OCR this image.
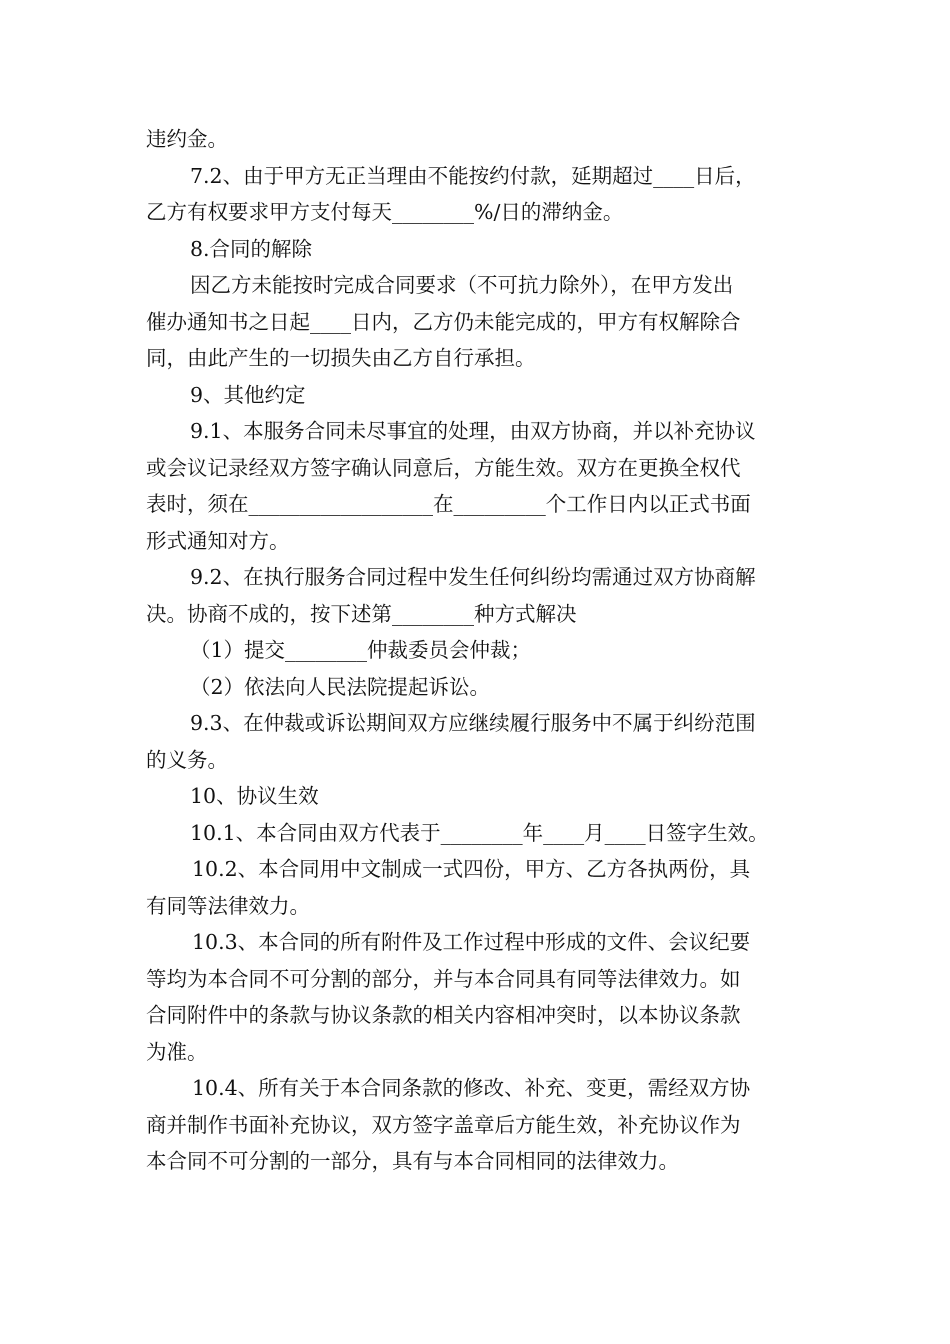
违约金。
7.2、由于甲方无正当理由不能按约付款，延期超过____日后，
乙方有权要求甲方支付每天________%/日的滞纳金。
8.合同的解除
因乙方未能按时完成合同要求（不可抗力除外），在甲方发出
催办通知书之日起____日内，乙方仍未能完成的，甲方有权解除合
同，由此产生的一切损失由乙方自行承担。
9、其他约定
9.1、本服务合同未尽事宜的处理，由双方协商，并以补充协议
或会议记录经双方签字确认同意后，方能生效。双方在更换全权代
表时，须在__________________在_________个工作日内以正式书面
形式通知对方。
9.2、在执行服务合同过程中发生任何纠纷均需通过双方协商解
决。协商不成的，按下述第________种方式解决
（1）提交________仲裁委员会仲裁；
（2）依法向人民法院提起诉讼。
9.3、在仲裁或诉讼期间双方应继续履行服务中不属于纠纷范围
的义务。
10、协议生效
10.1、本合同由双方代表于________年____月____日签字生效。
10.2、本合同用中文制成一式四份，甲方、乙方各执两份，具
有同等法律效力。
10.3、本合同的所有附件及工作过程中形成的文件、会议纪要
等均为本合同不可分割的部分，并与本合同具有同等法律效力。如
合同附件中的条款与协议条款的相关内容相冲突时，以本协议条款
为准。
10.4、所有关于本合同条款的修改、补充、变更，需经双方协
商并制作书面补充协议，双方签字盖章后方能生效，补充协议作为
本合同不可分割的一部分，具有与本合同相同的法律效力。
